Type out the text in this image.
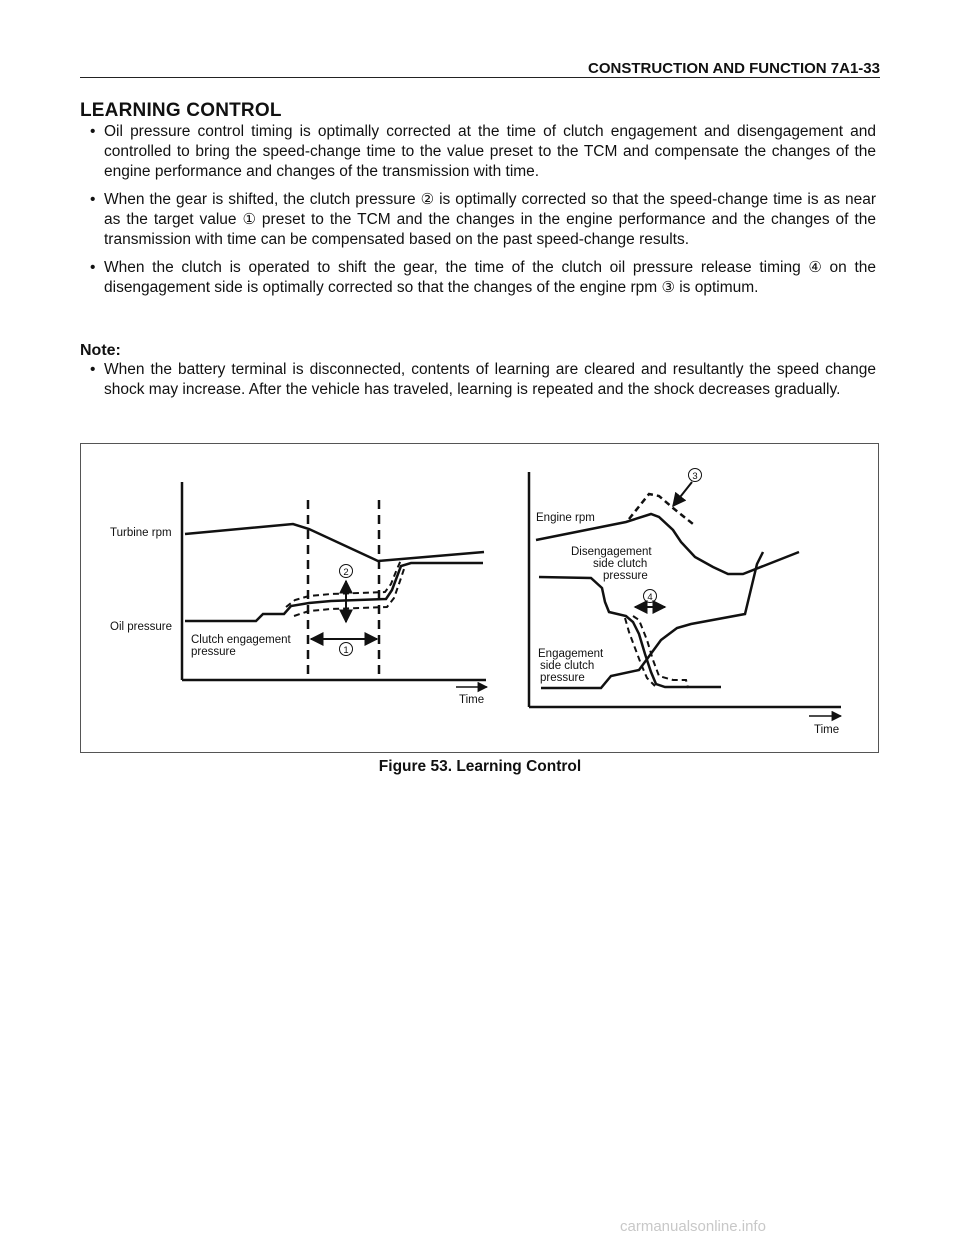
CONSTRUCTION AND FUNCTION 7A1-33
LEARNING CONTROL
• Oil pressure control timing is optimally corrected at the time of clutch engagement and disengagement and controlled to bring the speed-change time to the value preset to the TCM and compensate the changes of the engine performance and changes of the transmission with time.
• When the gear is shifted, the clutch pressure ② is optimally corrected so that the speed-change time is as near as the target value ① preset to the TCM and the changes in the engine performance and the changes of the transmission with time can be compensated based on the past speed-change results.
• When the clutch is operated to shift the gear, the time of the clutch oil pressure release timing ④ on the disengagement side is optimally corrected so that the changes of the engine rpm ③ is optimum.
Note:
• When the battery terminal is disconnected, contents of learning are cleared and resultantly the speed change shock may increase. After the vehicle has traveled, learning is repeated and the shock decreases gradually.
2
1
Turbine rpm
Oil pressure
Clutch engagement
pressure
Time
3
4
Engine rpm
Disengagement
side clutch
pressure
Engagement
side clutch
pressure
Time
Figure 53. Learning Control
carmanualsonline.info
